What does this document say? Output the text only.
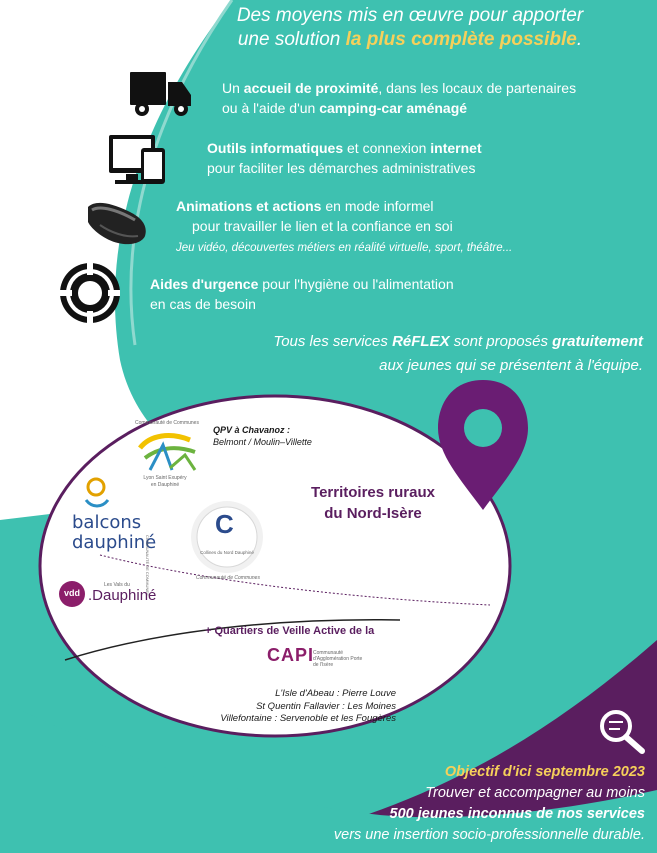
Des moyens mis en œuvre pour apporter
une solution la plus complète possible.
Un accueil de proximité, dans les locaux de partenaires
ou à l'aide d'un camping-car aménagé
Outils informatiques et connexion internet
pour faciliter les démarches administratives
Animations et actions en mode informel
pour travailler le lien et la confiance en soi
Jeu vidéo, découvertes métiers en réalité virtuelle, sport, théâtre...
Aides d'urgence pour l'hygiène ou l'alimentation
en cas de besoin
SOS
Tous les services RéFLEX sont proposés gratuitement
aux jeunes qui se présentent à l'équipe.
QPV à Chavanoz :
Belmont / Moulin–Villette
Communauté de Communes
Lyon Saint Exupéry
en Dauphiné	Territoires ruraux
du Nord-Isère
balcons
dauphiné
COMMUNAUTÉ DE COMMUNES
C
Collines du Nord Dauphiné
Communauté de Communes
vdd
Les Vals du
.Dauphiné
+ Quartiers de Veille Active de la
CAPI
Communauté d'Agglomération Porte de l'Isère
L'Isle d'Abeau : Pierre Louve
St Quentin Fallavier : Les Moines
Villefontaine : Servenoble et les Fougères
Objectif d'ici septembre 2023
Trouver et accompagner au moins
500 jeunes inconnus de nos services
vers une insertion socio-professionnelle durable.
